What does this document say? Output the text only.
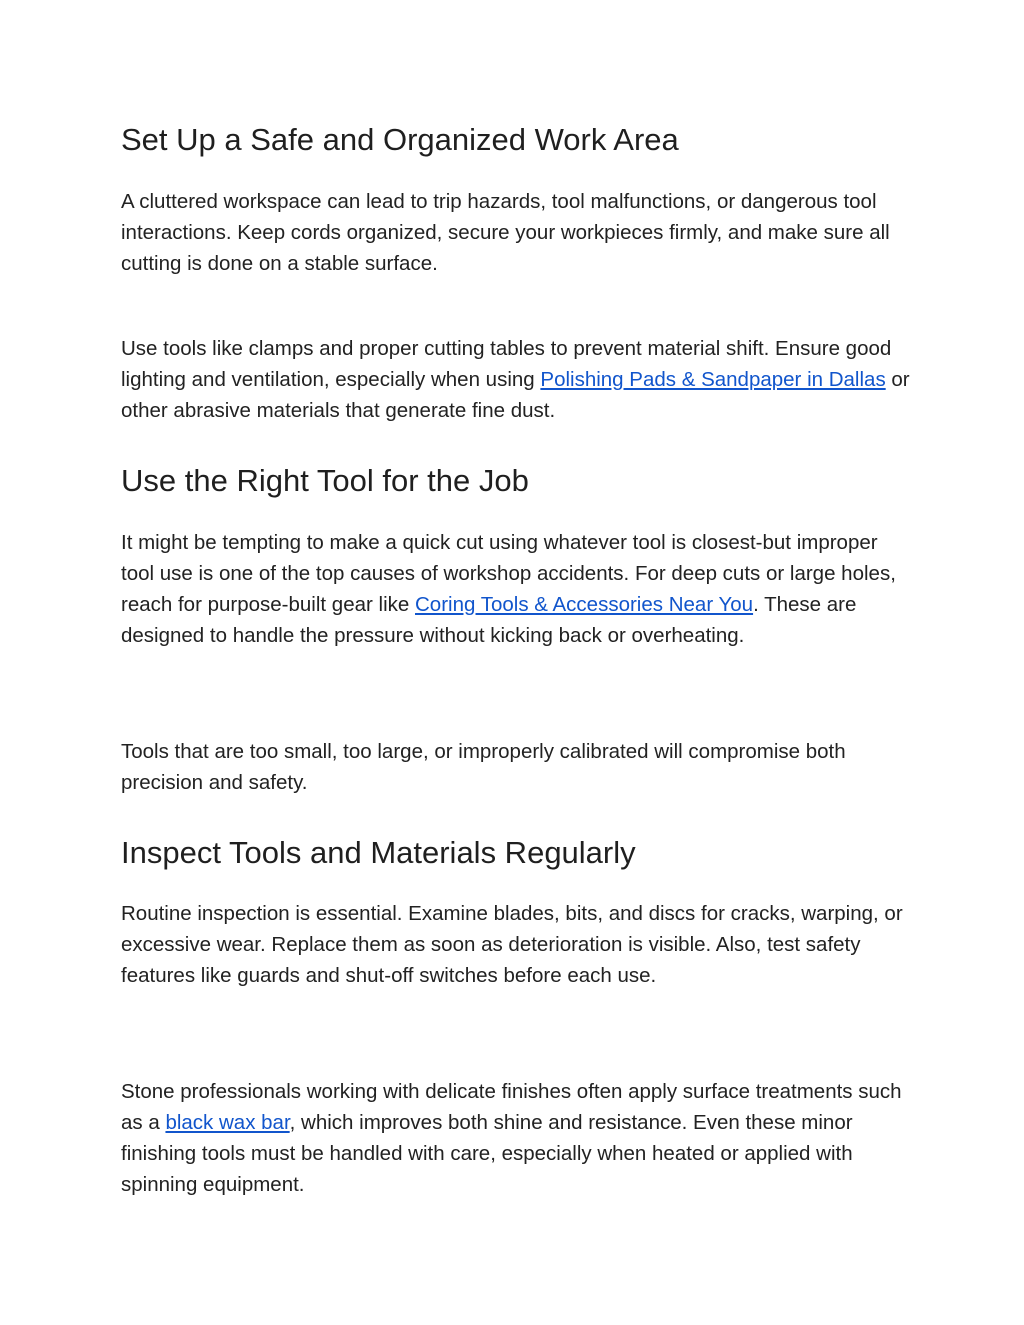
Set Up a Safe and Organized Work Area

A cluttered workspace can lead to trip hazards, tool malfunctions, or dangerous tool interactions. Keep cords organized, secure your workpieces firmly, and make sure all cutting is done on a stable surface.

Use tools like clamps and proper cutting tables to prevent material shift. Ensure good lighting and ventilation, especially when using Polishing Pads & Sandpaper in Dallas or other abrasive materials that generate fine dust.

Use the Right Tool for the Job

It might be tempting to make a quick cut using whatever tool is closest-but improper tool use is one of the top causes of workshop accidents. For deep cuts or large holes, reach for purpose-built gear like Coring Tools & Accessories Near You. These are designed to handle the pressure without kicking back or overheating.

Tools that are too small, too large, or improperly calibrated will compromise both precision and safety.

Inspect Tools and Materials Regularly

Routine inspection is essential. Examine blades, bits, and discs for cracks, warping, or excessive wear. Replace them as soon as deterioration is visible. Also, test safety features like guards and shut-off switches before each use.

Stone professionals working with delicate finishes often apply surface treatments such as a black wax bar, which improves both shine and resistance. Even these minor finishing tools must be handled with care, especially when heated or applied with spinning equipment.
